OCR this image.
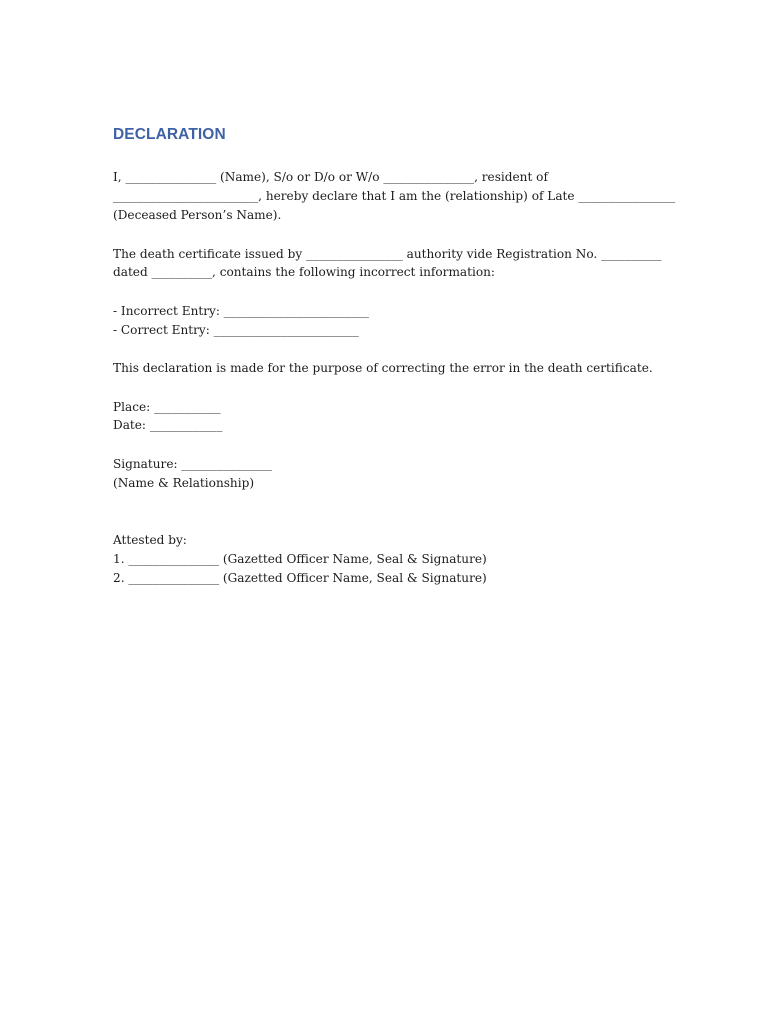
DECLARATION
I, _______________ (Name), S/o or D/o or W/o _______________, resident of
________________________, hereby declare that I am the (relationship) of Late ________________
(Deceased Person’s Name).
The death certificate issued by ________________ authority vide Registration No. __________
dated __________, contains the following incorrect information:
- Incorrect Entry: ________________________
- Correct Entry: ________________________
This declaration is made for the purpose of correcting the error in the death certificate.
Place: ___________
Date: ____________
Signature: _______________
(Name & Relationship)
Attested by:
1. _______________ (Gazetted Officer Name, Seal & Signature)
2. _______________ (Gazetted Officer Name, Seal & Signature)
